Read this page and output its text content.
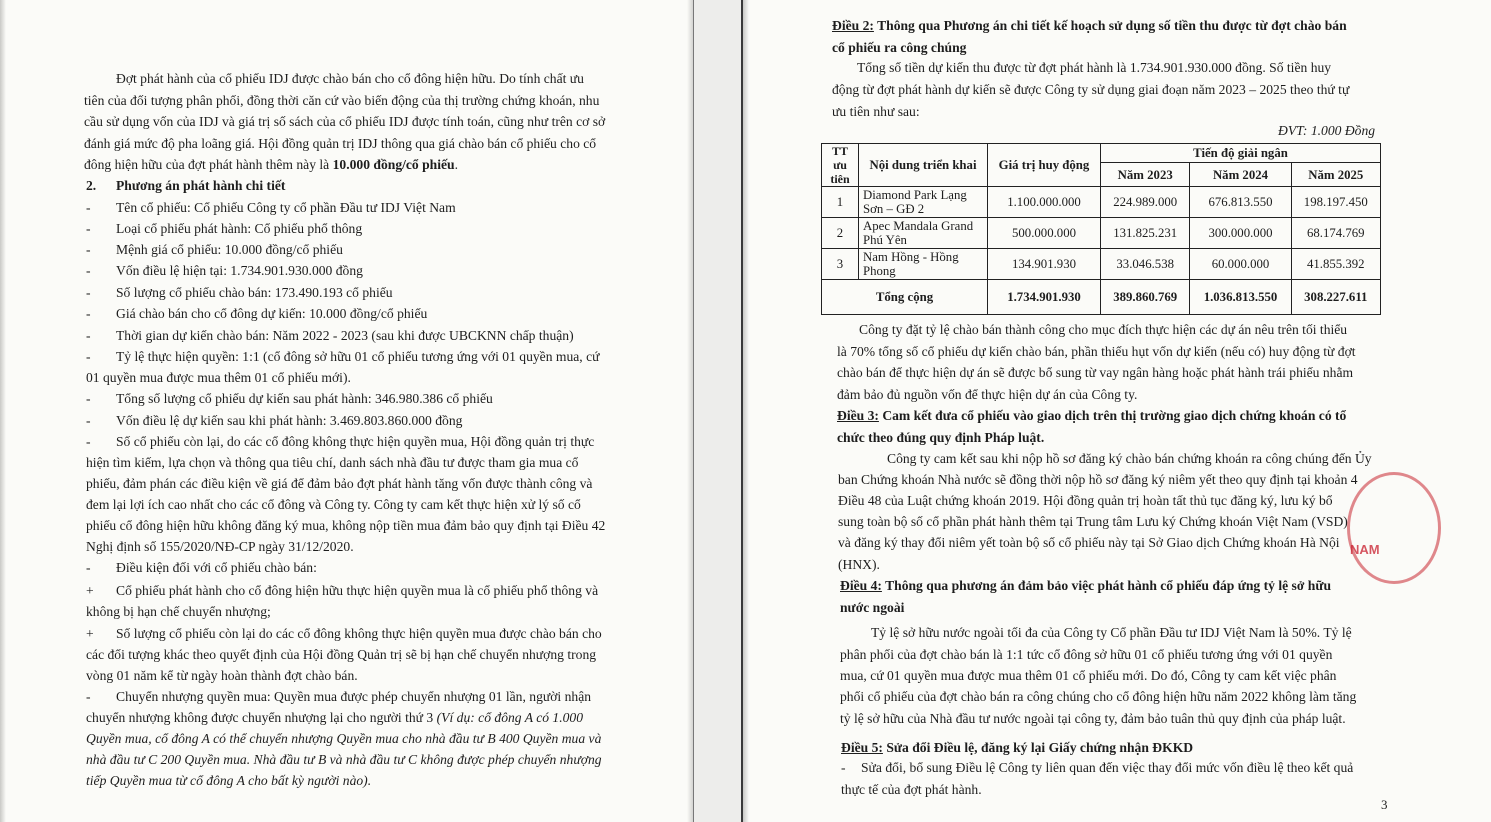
Đợt phát hành của cổ phiếu IDJ được chào bán cho cổ đông hiện hữu. Do tính chất ưu
tiên của đối tượng phân phối, đồng thời căn cứ vào biến động của thị trường chứng khoán, nhu
cầu sử dụng vốn của IDJ và giá trị số sách của cổ phiếu IDJ được tính toán, cũng như trên cơ sở
đánh giá mức độ pha loãng giá. Hội đồng quản trị IDJ thông qua giá chào bán cổ phiếu cho cổ
đông hiện hữu của đợt phát hành thêm này là 10.000 đồng/cổ phiếu.
2. Phương án phát hành chi tiết
- Tên cổ phiếu: Cổ phiếu Công ty cổ phần Đầu tư IDJ Việt Nam
- Loại cổ phiếu phát hành: Cổ phiếu phổ thông
- Mệnh giá cổ phiếu: 10.000 đồng/cổ phiếu
- Vốn điều lệ hiện tại: 1.734.901.930.000 đồng
- Số lượng cổ phiếu chào bán: 173.490.193 cổ phiếu
- Giá chào bán cho cổ đông dự kiến: 10.000 đồng/cổ phiếu
- Thời gian dự kiến chào bán: Năm 2022 - 2023 (sau khi được UBCKNN chấp thuận)
- Tỷ lệ thực hiện quyền: 1:1 (cổ đông sở hữu 01 cổ phiếu tương ứng với 01 quyền mua, cứ
01 quyền mua được mua thêm 01 cổ phiếu mới).
- Tổng số lượng cổ phiếu dự kiến sau phát hành: 346.980.386 cổ phiếu
- Vốn điều lệ dự kiến sau khi phát hành: 3.469.803.860.000 đồng
- Số cổ phiếu còn lại, do các cổ đông không thực hiện quyền mua, Hội đồng quản trị thực
hiện tìm kiếm, lựa chọn và thông qua tiêu chí, danh sách nhà đầu tư được tham gia mua cổ
phiếu, đảm phán các điều kiện về giá để đảm bảo đợt phát hành tăng vốn được thành công và
đem lại lợi ích cao nhất cho các cổ đông và Công ty. Công ty cam kết thực hiện xử lý số cổ
phiếu cổ đông hiện hữu không đăng ký mua, không nộp tiền mua đảm bảo quy định tại Điều 42
Nghị định số 155/2020/NĐ-CP ngày 31/12/2020.
- Điều kiện đối với cổ phiếu chào bán:
+ Cổ phiếu phát hành cho cổ đông hiện hữu thực hiện quyền mua là cổ phiếu phổ thông và
không bị hạn chế chuyển nhượng;
+ Số lượng cổ phiếu còn lại do các cổ đông không thực hiện quyền mua được chào bán cho
các đối tượng khác theo quyết định của Hội đồng Quản trị sẽ bị hạn chế chuyển nhượng trong
vòng 01 năm kể từ ngày hoàn thành đợt chào bán.
- Chuyển nhượng quyền mua: Quyền mua được phép chuyển nhượng 01 lần, người nhận
chuyển nhượng không được chuyển nhượng lại cho người thứ 3 (Ví dụ: cổ đông A có 1.000
Quyền mua, cổ đông A có thể chuyển nhượng Quyền mua cho nhà đầu tư B 400 Quyền mua và
nhà đầu tư C 200 Quyền mua. Nhà đầu tư B và nhà đầu tư C không được phép chuyển nhượng
tiếp Quyền mua từ cổ đông A cho bất kỳ người nào).
Điều 2: Thông qua Phương án chi tiết kế hoạch sử dụng số tiền thu được từ đợt chào bán
cổ phiếu ra công chúng
Tổng số tiền dự kiến thu được từ đợt phát hành là 1.734.901.930.000 đồng. Số tiền huy
động từ đợt phát hành dự kiến sẽ được Công ty sử dụng giai đoạn năm 2023 – 2025 theo thứ tự
ưu tiên như sau:
ĐVT: 1.000 Đồng
TT ưu tiên	Nội dung triển khai	Giá trị huy động	Tiến độ giải ngân		
			Năm 2023	Năm 2024	Năm 2025
1	Diamond Park Lạng Sơn – GĐ 2	1.100.000.000	224.989.000	676.813.550	198.197.450
2	Apec Mandala Grand Phú Yên	500.000.000	131.825.231	300.000.000	68.174.769
3	Nam Hồng - Hồng Phong	134.901.930	33.046.538	60.000.000	41.855.392
Tổng cộng		1.734.901.930	389.860.769	1.036.813.550	308.227.611
Công ty đặt tỷ lệ chào bán thành công cho mục đích thực hiện các dự án nêu trên tối thiểu
là 70% tổng số cổ phiếu dự kiến chào bán, phần thiếu hụt vốn dự kiến (nếu có) huy động từ đợt
chào bán để thực hiện dự án sẽ được bổ sung từ vay ngân hàng hoặc phát hành trái phiếu nhằm
đảm bảo đủ nguồn vốn để thực hiện dự án của Công ty.
Điều 3: Cam kết đưa cổ phiếu vào giao dịch trên thị trường giao dịch chứng khoán có tổ
chức theo đúng quy định Pháp luật.
Công ty cam kết sau khi nộp hồ sơ đăng ký chào bán chứng khoán ra công chúng đến Ủy
ban Chứng khoán Nhà nước sẽ đồng thời nộp hồ sơ đăng ký niêm yết theo quy định tại khoản 4
Điều 48 của Luật chứng khoán 2019. Hội đồng quản trị hoàn tất thủ tục đăng ký, lưu ký bổ
sung toàn bộ số cổ phần phát hành thêm tại Trung tâm Lưu ký Chứng khoán Việt Nam (VSD)
và đăng ký thay đổi niêm yết toàn bộ số cổ phiếu này tại Sở Giao dịch Chứng khoán Hà Nội
(HNX).
Điều 4: Thông qua phương án đảm bảo việc phát hành cổ phiếu đáp ứng tỷ lệ sở hữu
nước ngoài
Tỷ lệ sở hữu nước ngoài tối đa của Công ty Cổ phần Đầu tư IDJ Việt Nam là 50%. Tỷ lệ
phân phối của đợt chào bán là 1:1 tức cổ đông sở hữu 01 cổ phiếu tương ứng với 01 quyền
mua, cứ 01 quyền mua được mua thêm 01 cổ phiếu mới. Do đó, Công ty cam kết việc phân
phối cổ phiếu của đợt chào bán ra công chúng cho cổ đông hiện hữu năm 2022 không làm tăng
tỷ lệ sở hữu của Nhà đầu tư nước ngoài tại công ty, đảm bảo tuân thủ quy định của pháp luật.
Điều 5: Sửa đổi Điều lệ, đăng ký lại Giấy chứng nhận ĐKKD
- Sửa đổi, bổ sung Điều lệ Công ty liên quan đến việc thay đổi mức vốn điều lệ theo kết quả
thực tế của đợt phát hành.
NAM
3
